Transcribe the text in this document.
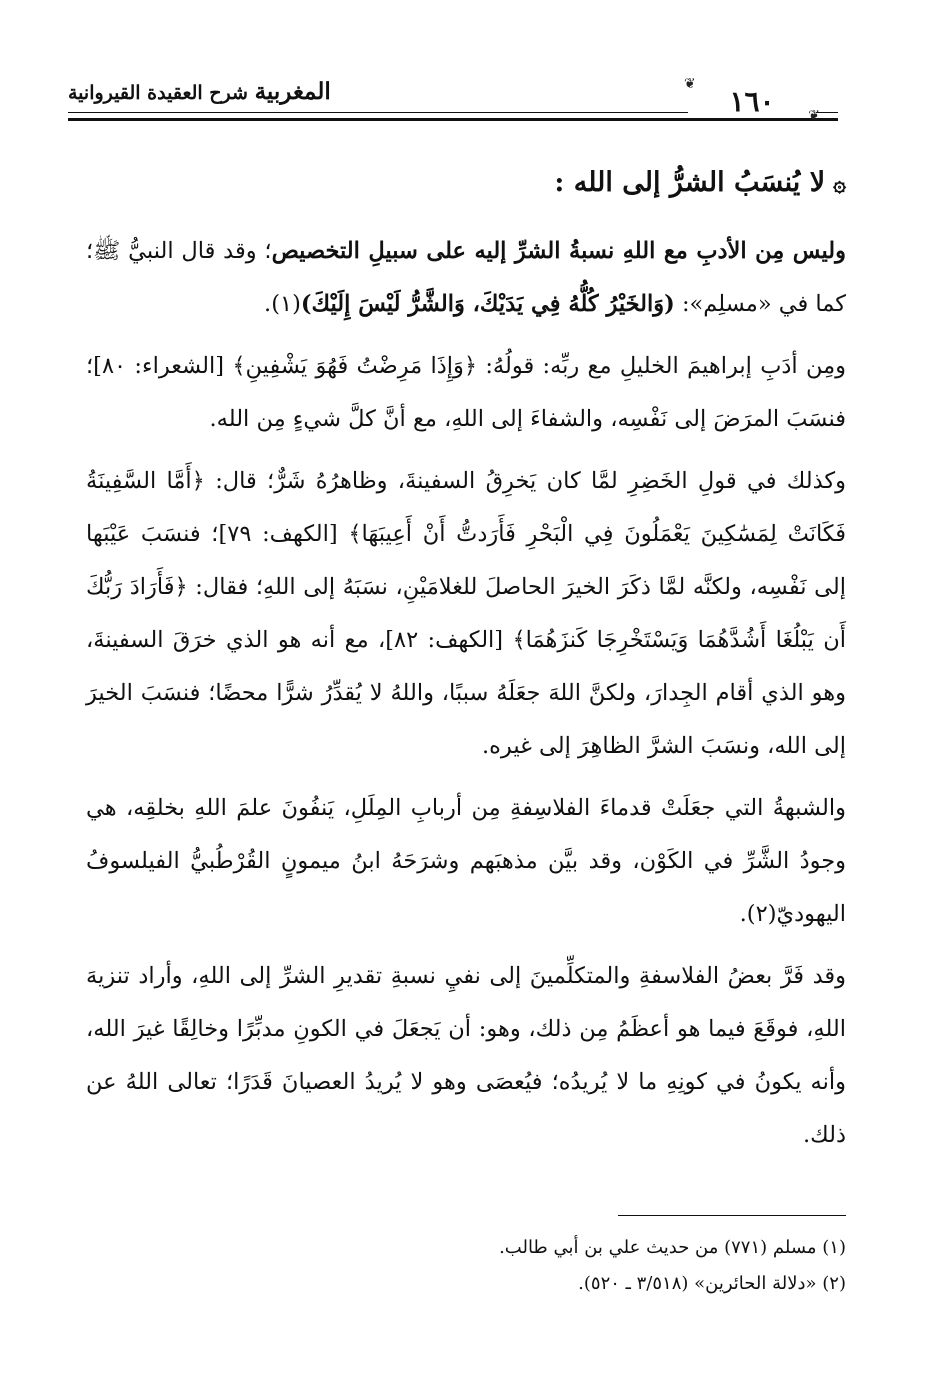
المغربية شرح العقيدة القيروانية	❦
١٦٠ ❦

۞لا يُنسَبُ الشرُّ إلى الله :

وليس مِن الأدبِ مع اللهِ نسبةُ الشرِّ إليه على سبيلِ التخصيص؛ وقد قال النبيُّ ﷺ؛ كما في «مسلِم»: (وَالخَيْرُ كُلُّهُ فِي يَدَيْكَ، وَالشَّرُّ لَيْسَ إِلَيْكَ)(١).

ومِن أدَبِ إبراهيمَ الخليلِ مع ربِّه: قولُهُ: ﴿وَإِذَا مَرِضْتُ فَهُوَ يَشْفِينِ﴾ [الشعراء: ٨٠]؛ فنسَبَ المرَضَ إلى نَفْسِه، والشفاءَ إلى اللهِ، مع أنَّ كلَّ شيءٍ مِن الله.

وكذلك في قولِ الخَضِرِ لمَّا كان يَخرِقُ السفينةَ، وظاهرُهُ شَرٌّ؛ قال: ﴿أَمَّا السَّفِينَةُ فَكَانَتْ لِمَسَٰكِينَ يَعْمَلُونَ فِي الْبَحْرِ فَأَرَدتُّ أَنْ أَعِيبَهَا﴾ [الكهف: ٧٩]؛ فنسَبَ عَيْبَها إلى نَفْسِه، ولكنَّه لمَّا ذكَرَ الخيرَ الحاصلَ للغلامَيْنِ، نسَبَهُ إلى اللهِ؛ فقال: ﴿فَأَرَادَ رَبُّكَ أَن يَبْلُغَا أَشُدَّهُمَا وَيَسْتَخْرِجَا كَنزَهُمَا﴾ [الكهف: ٨٢]، مع أنه هو الذي خرَقَ السفينةَ، وهو الذي أقام الجِدارَ، ولكنَّ اللهَ جعَلَهُ سببًا، واللهُ لا يُقدِّرُ شرًّا محضًا؛ فنسَبَ الخيرَ إلى الله، ونسَبَ الشرَّ الظاهِرَ إلى غيره.

والشبهةُ التي جعَلَتْ قدماءَ الفلاسِفةِ مِن أربابِ المِلَلِ، يَنفُونَ علمَ اللهِ بخلقِه، هي وجودُ الشَّرِّ في الكَوْن، وقد بيَّن مذهبَهم وشرَحَهُ ابنُ ميمونٍ القُرْطُبيُّ الفيلسوفُ اليهوديّ(٢).

وقد فَرَّ بعضُ الفلاسفةِ والمتكلِّمينَ إلى نفيِ نسبةِ تقديرِ الشرِّ إلى اللهِ، وأراد تنزيهَ اللهِ، فوقَعَ فيما هو أعظَمُ مِن ذلك، وهو: أن يَجعَلَ في الكونِ مدبِّرًا وخالِقًا غيرَ الله، وأنه يكونُ في كونِهِ ما لا يُريدُه؛ فيُعصَى وهو لا يُريدُ العصيانَ قَدَرًا؛ تعالى اللهُ عن ذلك.

(١) مسلم (٧٧١) من حديث علي بن أبي طالب.

(٢) «دلالة الحائرين» (٣/٥١٨ ـ ٥٢٠).
